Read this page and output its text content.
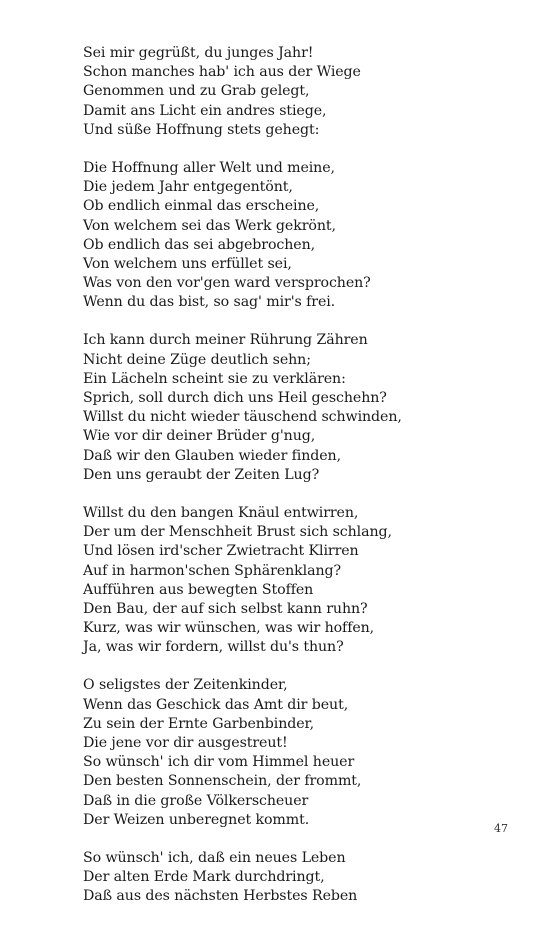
Sei mir gegrüßt, du junges Jahr!
Schon manches hab' ich aus der Wiege
Genommen und zu Grab gelegt,
Damit ans Licht ein andres stiege,
Und süße Hoffnung stets gehegt:
Die Hoffnung aller Welt und meine,
Die jedem Jahr entgegentönt,
Ob endlich einmal das erscheine,
Von welchem sei das Werk gekrönt,
Ob endlich das sei abgebrochen,
Von welchem uns erfüllet sei,
Was von den vor'gen ward versprochen?
Wenn du das bist, so sag' mir's frei.
Ich kann durch meiner Rührung Zähren
Nicht deine Züge deutlich sehn;
Ein Lächeln scheint sie zu verklären:
Sprich, soll durch dich uns Heil geschehn?
Willst du nicht wieder täuschend schwinden,
Wie vor dir deiner Brüder g'nug,
Daß wir den Glauben wieder finden,
Den uns geraubt der Zeiten Lug?
Willst du den bangen Knäul entwirren,
Der um der Menschheit Brust sich schlang,
Und lösen ird'scher Zwietracht Klirren
Auf in harmon'schen Sphärenklang?
Aufführen aus bewegten Stoffen
Den Bau, der auf sich selbst kann ruhn?
Kurz, was wir wünschen, was wir hoffen,
Ja, was wir fordern, willst du's thun?
O seligstes der Zeitenkinder,
Wenn das Geschick das Amt dir beut,
Zu sein der Ernte Garbenbinder,
Die jene vor dir ausgestreut!
So wünsch' ich dir vom Himmel heuer
Den besten Sonnenschein, der frommt,
Daß in die große Völkerscheuer
Der Weizen unberegnet kommt.
So wünsch' ich, daß ein neues Leben
Der alten Erde Mark durchdringt,
Daß aus des nächsten Herbstes Reben
47
